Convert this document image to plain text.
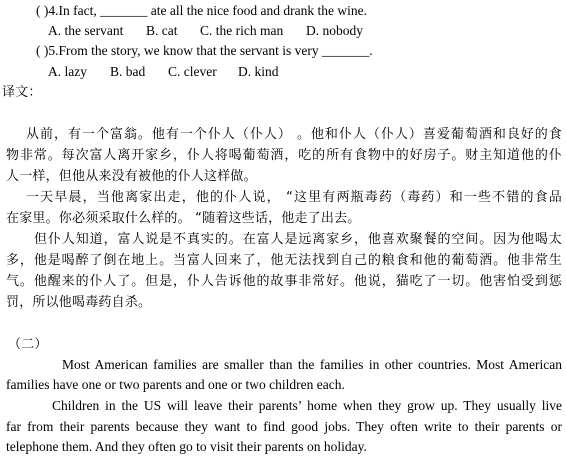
( )4.In fact, _______ ate all the nice food and drank the wine.
A. the servant B. cat C. the rich man D. nobody
( )5.From the story, we know that the servant is very _______.
A. lazy B. bad C. clever D. kind
译文：
从前，有一个富翁。他有一个仆人（仆人） 。他和仆人（仆人）喜爱葡萄酒和良好的食
物非常。每次富人离开家乡，仆人将喝葡萄酒，吃的所有食物中的好房子。财主知道他的仆
人一样，但他从来没有被他的仆人这样做。
一天早晨，当他离家出走，他的仆人说， “这里有两瓶毒药（毒药）和一些不错的食品
在家里。你必须采取什么样的。 “随着这些话，他走了出去。
但仆人知道，富人说是不真实的。在富人是远离家乡，他喜欢聚餐的空间。因为他喝太
多，他是喝醉了倒在地上。当富人回来了，他无法找到自己的粮食和他的葡萄酒。他非常生
气。他醒来的仆人了。但是，仆人告诉他的故事非常好。他说，猫吃了一切。他害怕受到惩
罚，所以他喝毒药自杀。
（二）
Most American families are smaller than the families in other countries. Most American
families have one or two parents and one or two children each.
Children in the US will leave their parents’ home when they grow up. They usually live
far from their parents because they want to find good jobs. They often write to their parents or
telephone them. And they often go to visit their parents on holiday.
